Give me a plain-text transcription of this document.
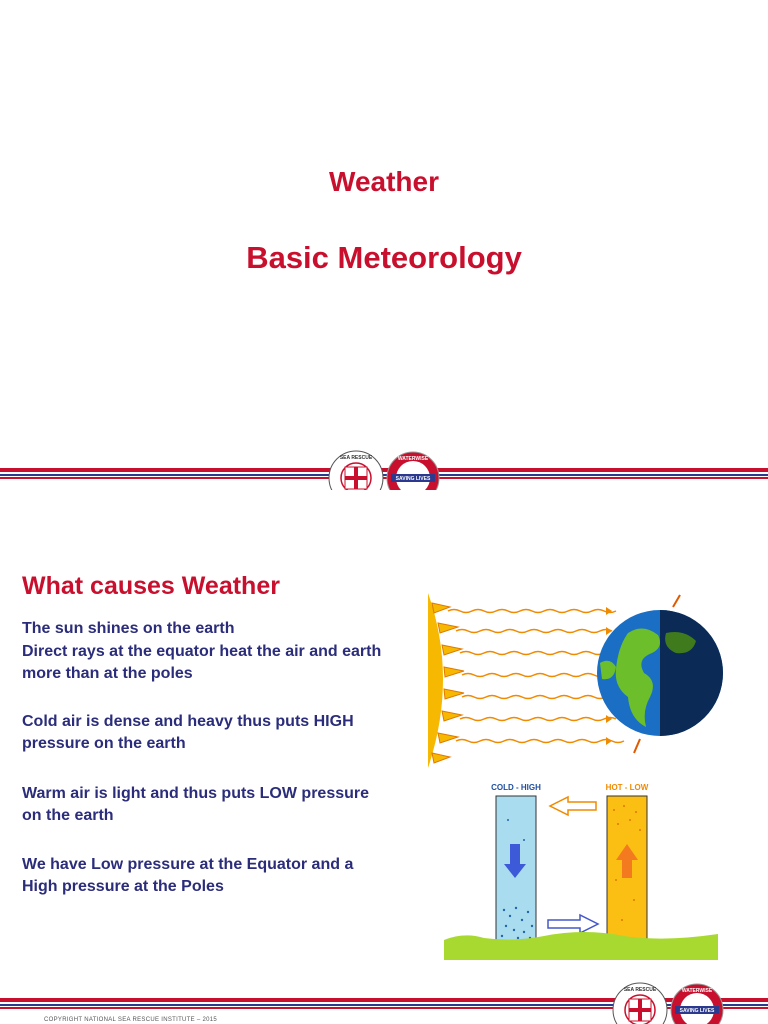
Weather
Basic Meteorology
SEA RESCUE
SAVING LIVES
WATERWISE
What causes Weather
The sun shines on the earth
Direct rays at the equator heat the air and earth more than at the poles
Cold air is dense and heavy thus puts HIGH pressure on the earth
Warm air is light and thus puts LOW pressure on the earth
We have Low pressure at the Equator and a High pressure at the Poles
COLD - HIGH	HOT - LOW
SEA RESCUE
SAVING LIVES
WATERWISE
COPYRIGHT NATIONAL SEA RESCUE INSTITUTE – 2015
